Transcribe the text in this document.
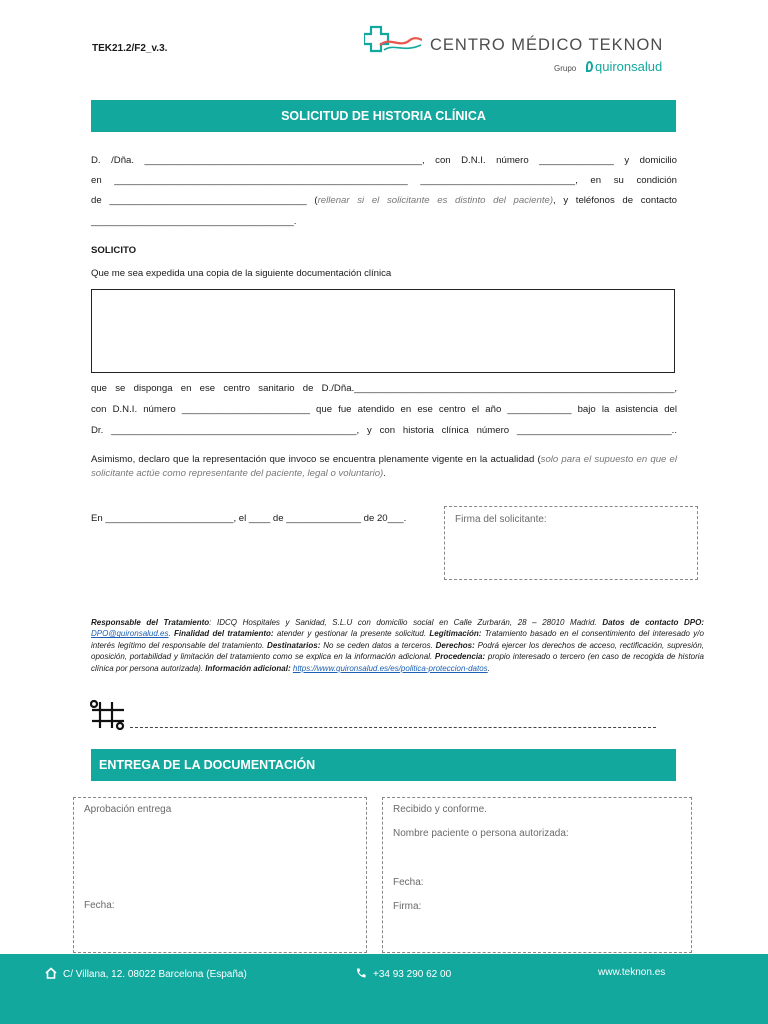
TEK21.2/F2_v.3.	CENTRO MÉDICO TEKNON
Grupo	quironsalud
SOLICITUD DE HISTORIA CLÍNICA
D. /Dña. ____________________________________________________, con D.N.I. número ______________ y domicilio
en _______________________________________________________ _____________________________, en su condición
de _____________________________________ (rellenar si el solicitante es distinto del paciente), y teléfonos de contacto
______________________________________.
SOLICITO
Que me sea expedida una copia de la siguiente documentación clínica
que se disponga en ese centro sanitario de D./Dña.____________________________________________________________,
con D.N.I. número ________________________ que fue atendido en ese centro el año ____________ bajo la asistencia del
Dr. ______________________________________________, y con historia clínica número _____________________________..
Asimismo, declaro que la representación que invoco se encuentra plenamente vigente en la actualidad (solo para el supuesto en que el solicitante actúe como representante del paciente, legal o voluntario).
En ________________________, el ____ de ______________ de 20___.	Firma del solicitante:
Responsable del Tratamiento: IDCQ Hospitales y Sanidad, S.L.U con domicilio social en Calle Zurbarán, 28 – 28010 Madrid. Datos de contacto DPO: DPO@quironsalud.es. Finalidad del tratamiento: atender y gestionar la presente solicitud. Legitimación: Tratamiento basado en el consentimiento del interesado y/o interés legítimo del responsable del tratamiento. Destinatarios: No se ceden datos a terceros. Derechos: Podrá ejercer los derechos de acceso, rectificación, supresión, oposición, portabilidad y limitación del tratamiento como se explica en la información adicional. Procedencia: propio interesado o tercero (en caso de recogida de historia clínica por persona autorizada). Información adicional: https://www.quironsalud.es/es/politica-proteccion-datos.
ENTREGA DE LA DOCUMENTACIÓN
Aprobación entrega
Fecha:
Recibido y conforme.
Nombre paciente o persona autorizada:
Fecha:
Firma:
C/ Villana, 12. 08022 Barcelona (España)	+34 93 290 62 00	www.teknon.es
